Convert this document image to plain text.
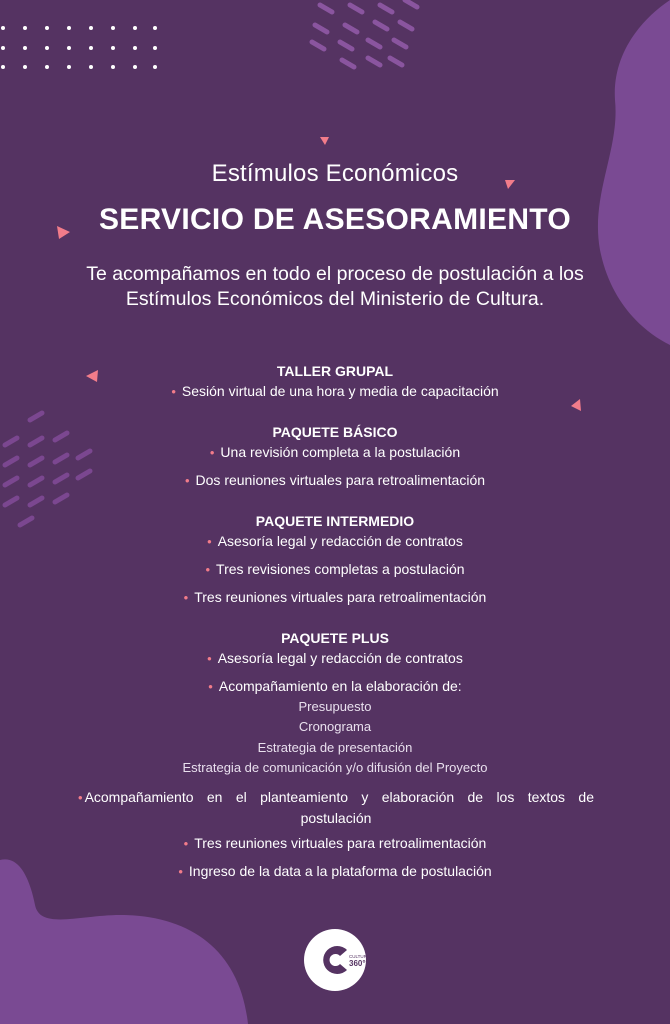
Estímulos Económicos
SERVICIO DE ASESORAMIENTO
Te acompañamos en todo el proceso de postulación a los
Estímulos Económicos del Ministerio de Cultura.
TALLER GRUPAL
• Sesión virtual de una hora y media de capacitación
PAQUETE BÁSICO
• Una revisión completa a la postulación
• Dos reuniones virtuales para retroalimentación
PAQUETE INTERMEDIO
• Asesoría legal y redacción de contratos
• Tres revisiones completas a postulación
• Tres reuniones virtuales para retroalimentación
PAQUETE PLUS
• Asesoría legal y redacción de contratos
• Acompañamiento en la elaboración de:
Presupuesto
Cronograma
Estrategia de presentación
Estrategia de comunicación y/o difusión del Proyecto
• Acompañamiento en el planteamiento y elaboración de los textos de
postulación
• Tres reuniones virtuales para retroalimentación
• Ingreso de la data a la plataforma de postulación
CULTURA
360°
